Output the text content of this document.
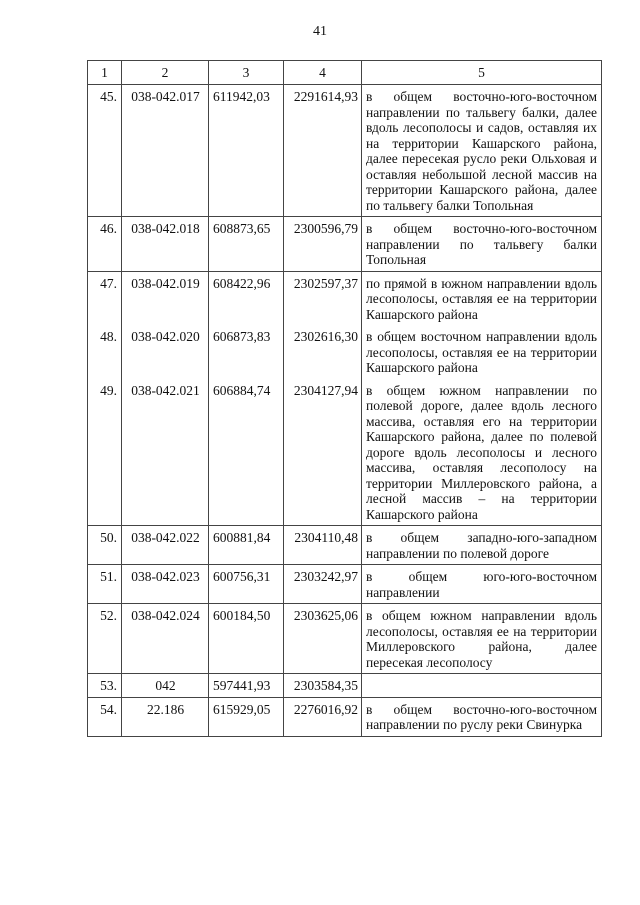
41
1	2	3	4	5
45.	038-042.017	611942,03	2291614,93	в общем восточно-юго-восточном направлении по тальвегу балки, далее вдоль лесополосы и садов, оставляя их на территории Кашарского района, далее пересекая русло реки Ольховая и оставляя небольшой лесной массив на территории Кашарского района, далее по тальвегу балки Топольная
46.	038-042.018	608873,65	2300596,79	в общем восточно-юго-восточном направлении по тальвегу балки Топольная
47.	038-042.019	608422,96	2302597,37	по прямой в южном направлении вдоль лесополосы, оставляя ее на территории Кашарского района
48.	038-042.020	606873,83	2302616,30	в общем восточном направлении вдоль лесополосы, оставляя ее на территории Кашарского района
49.	038-042.021	606884,74	2304127,94	в общем южном направлении по полевой дороге, далее вдоль лесного массива, оставляя его на территории Кашарского района, далее по полевой дороге вдоль лесополосы и лесного массива, оставляя лесополосу на территории Миллеровского района, а лесной массив – на территории Кашарского района
50.	038-042.022	600881,84	2304110,48	в общем западно-юго-западном направлении по полевой дороге
51.	038-042.023	600756,31	2303242,97	в общем юго-юго-восточном направлении
52.	038-042.024	600184,50	2303625,06	в общем южном направлении вдоль лесополосы, оставляя ее на территории Миллеровского района, далее пересекая лесополосу
53.	042	597441,93	2303584,35	
54.	22.186	615929,05	2276016,92	в общем восточно-юго-восточном направлении по руслу реки Свинурка
